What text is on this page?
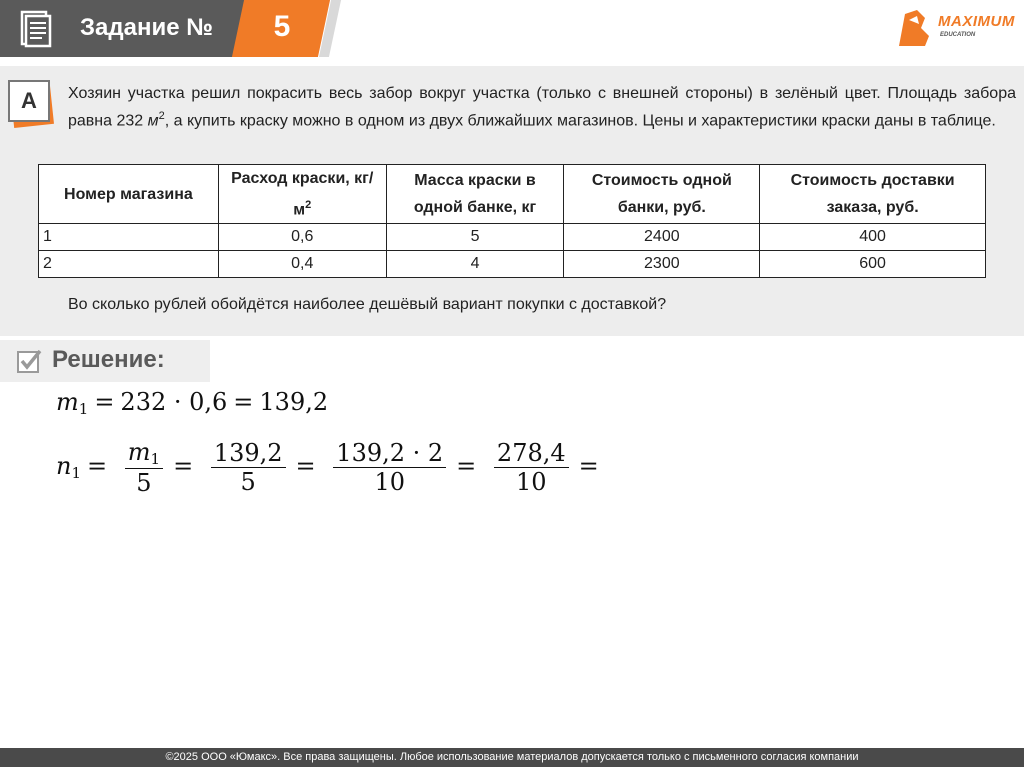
Задание №	5	MAXIMUM
EDUCATION
A	Хозяин участка решил покрасить весь забор вокруг участка (только с внешней стороны) в зелёный цвет. Площадь забора равна 232 $м^2$, а купить краску можно в одном из двух ближайших магазинов. Цены и характеристики краски даны в таблице.
Номер магазина	Расход краски, $кг/м^2$	Масса краски в одной банке, кг	Стоимость одной банки, руб.	Стоимость доставки заказа, руб.
1	0,6	5	2400	400
2	0,4	4	2300	600
Во сколько рублей обойдётся наиболее дешёвый вариант покупки с доставкой?
Решение:
$m_1 = 232 \cdot 0,6 = 139,2$
$n_1 = \frac{m_1}{5} = \frac{139,2}{5} = \frac{139,2 \cdot 2}{10} = \frac{278,4}{10}$ =
©2025 ООО «Юмакс». Все права защищены. Любое использование материалов допускается только с письменного согласия компании
